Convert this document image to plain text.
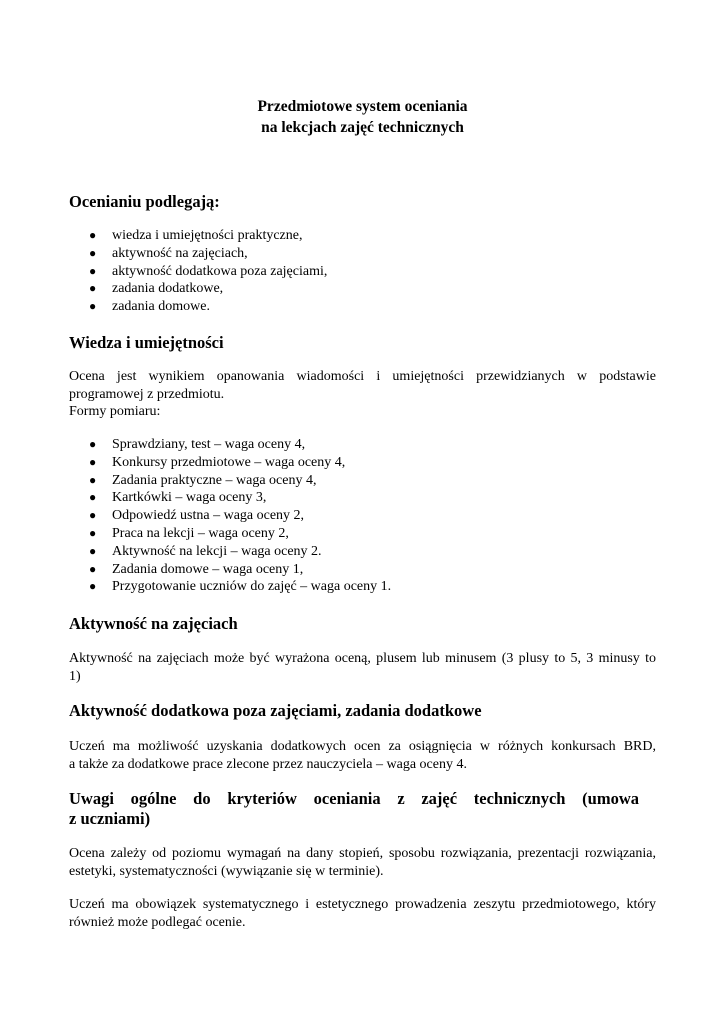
Przedmiotowe system oceniania
na lekcjach zajęć technicznych
Ocenianiu podlegają:
● wiedza i umiejętności praktyczne,
● aktywność na zajęciach,
● aktywność dodatkowa poza zajęciami,
● zadania dodatkowe,
● zadania domowe.
Wiedza i umiejętności
Ocena jest wynikiem opanowania wiadomości i umiejętności przewidzianych w podstawie
programowej z przedmiotu.
Formy pomiaru:
● Sprawdziany, test – waga oceny 4,
● Konkursy przedmiotowe – waga oceny 4,
● Zadania praktyczne – waga oceny 4,
● Kartkówki – waga oceny 3,
● Odpowiedź ustna – waga oceny 2,
● Praca na lekcji – waga oceny 2,
● Aktywność na lekcji – waga oceny 2.
● Zadania domowe – waga oceny 1,
● Przygotowanie uczniów do zajęć – waga oceny 1.
Aktywność na zajęciach
Aktywność na zajęciach może być wyrażona oceną, plusem lub minusem (3 plusy to 5, 3 minusy to
1)
Aktywność dodatkowa poza zajęciami, zadania dodatkowe
Uczeń ma możliwość uzyskania dodatkowych ocen za osiągnięcia w różnych konkursach BRD,
a także za dodatkowe prace zlecone przez nauczyciela – waga oceny 4.
Uwagi ogólne do kryteriów oceniania z zajęć technicznych (umowa
z uczniami)
Ocena zależy od poziomu wymagań na dany stopień, sposobu rozwiązania, prezentacji rozwiązania,
estetyki, systematyczności (wywiązanie się w terminie).
Uczeń ma obowiązek systematycznego i estetycznego prowadzenia zeszytu przedmiotowego, który
również może podlegać ocenie.
